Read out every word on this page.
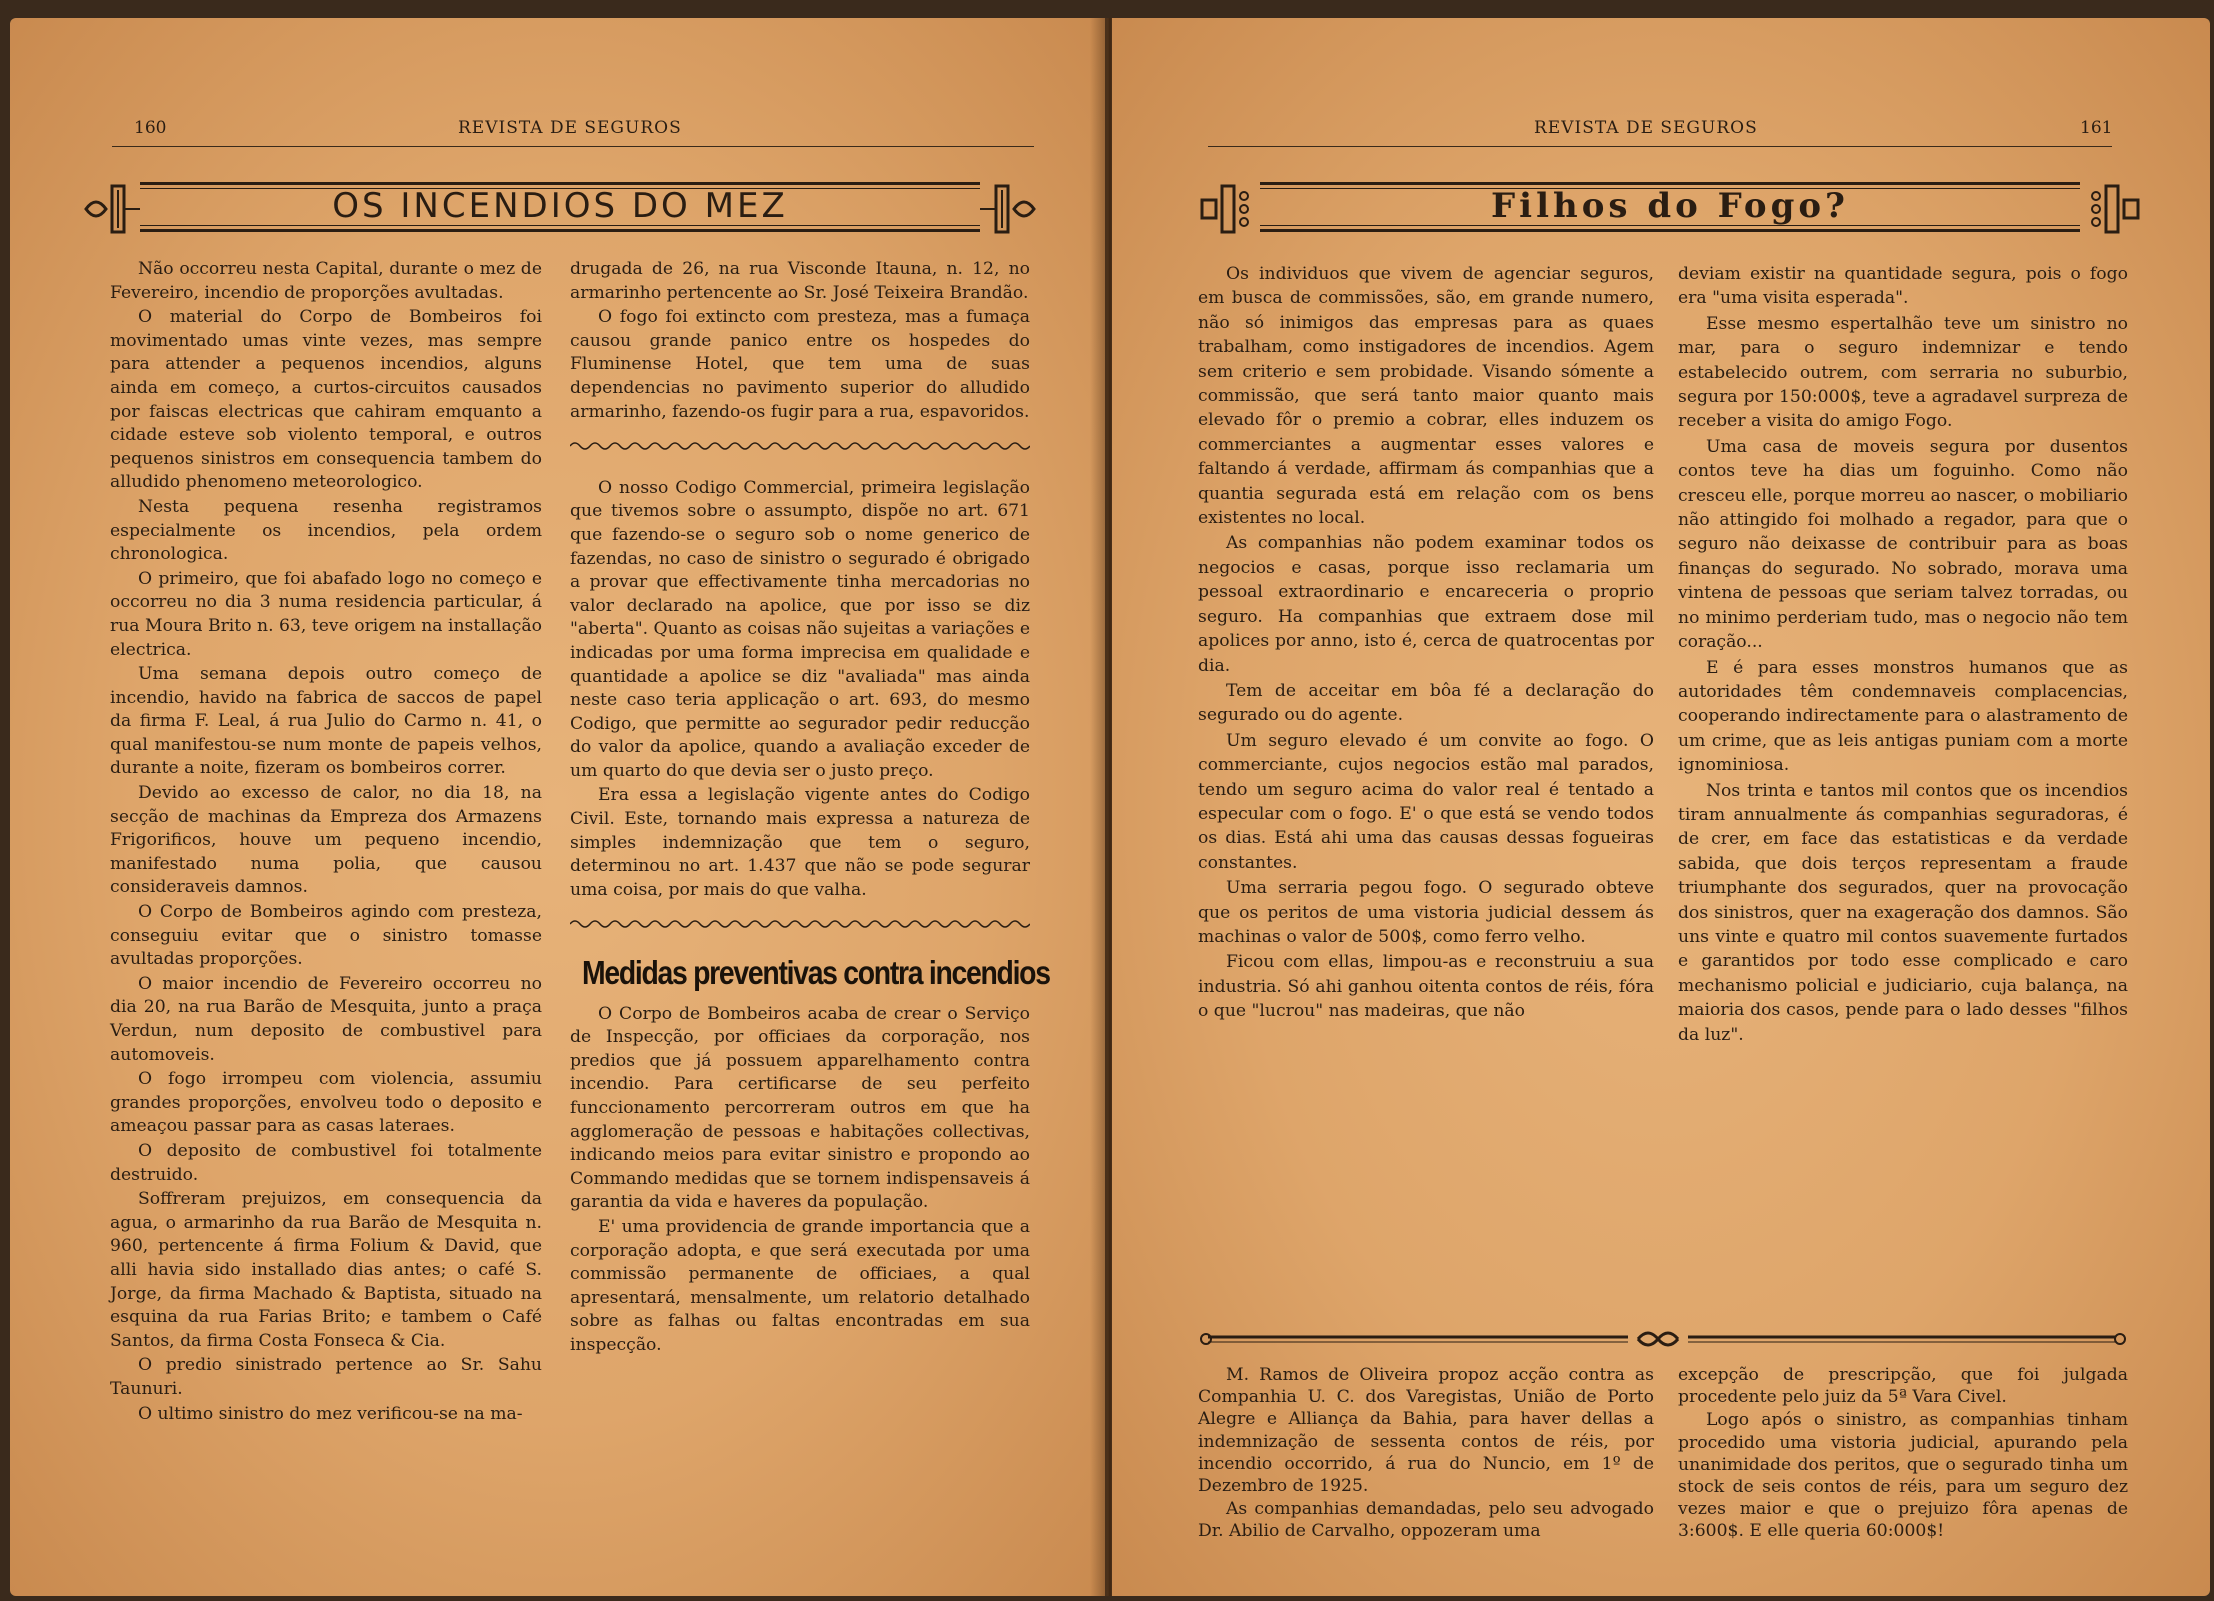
160	REVISTA DE SEGUROS
OS INCENDIOS DO MEZ

Não occorreu nesta Capital, durante o mez de Fevereiro, incendio de proporções avultadas.

O material do Corpo de Bombeiros foi movimentado umas vinte vezes, mas sempre para attender a pequenos incendios, alguns ainda em começo, a curtos-circuitos causados por faiscas electricas que cahiram emquanto a cidade esteve sob violento temporal, e outros pequenos sinistros em consequencia tambem do alludido phenomeno meteorologico.

Nesta pequena resenha registramos especialmente os incendios, pela ordem chronologica.

O primeiro, que foi abafado logo no começo e occorreu no dia 3 numa residencia particular, á rua Moura Brito n. 63, teve origem na installação electrica.

Uma semana depois outro começo de incendio, havido na fabrica de saccos de papel da firma F. Leal, á rua Julio do Carmo n. 41, o qual manifestou-se num monte de papeis velhos, durante a noite, fizeram os bombeiros correr.

Devido ao excesso de calor, no dia 18, na secção de machinas da Empreza dos Armazens Frigorificos, houve um pequeno incendio, manifestado numa polia, que causou consideraveis damnos.

O Corpo de Bombeiros agindo com presteza, conseguiu evitar que o sinistro tomasse avultadas proporções.

O maior incendio de Fevereiro occorreu no dia 20, na rua Barão de Mesquita, junto a praça Verdun, num deposito de combustivel para automoveis.

O fogo irrompeu com violencia, assumiu grandes proporções, envolveu todo o deposito e ameaçou passar para as casas lateraes.

O deposito de combustivel foi totalmente destruido.

Soffreram prejuizos, em consequencia da agua, o armarinho da rua Barão de Mesquita n. 960, pertencente á firma Folium & David, que alli havia sido installado dias antes; o café S. Jorge, da firma Machado & Baptista, situado na esquina da rua Farias Brito; e tambem o Café Santos, da firma Costa Fonseca & Cia.

O predio sinistrado pertence ao Sr. Sahu Taunuri.

O ultimo sinistro do mez verificou-se na ma-

drugada de 26, na rua Visconde Itauna, n. 12, no armarinho pertencente ao Sr. José Teixeira Brandão.

O fogo foi extincto com presteza, mas a fumaça causou grande panico entre os hospedes do Fluminense Hotel, que tem uma de suas dependencias no pavimento superior do alludido armarinho, fazendo-os fugir para a rua, espavoridos.

O nosso Codigo Commercial, primeira legislação que tivemos sobre o assumpto, dispõe no art. 671 que fazendo-se o seguro sob o nome generico de fazendas, no caso de sinistro o segurado é obrigado a provar que effectivamente tinha mercadorias no valor declarado na apolice, que por isso se diz "aberta". Quanto as coisas não sujeitas a variações e indicadas por uma forma imprecisa em qualidade e quantidade a apolice se diz "avaliada" mas ainda neste caso teria applicação o art. 693, do mesmo Codigo, que permitte ao segurador pedir reducção do valor da apolice, quando a avaliação exceder de um quarto do que devia ser o justo preço.

Era essa a legislação vigente antes do Codigo Civil. Este, tornando mais expressa a natureza de simples indemnização que tem o seguro, determinou no art. 1.437 que não se pode segurar uma coisa, por mais do que valha.

Medidas preventivas contra incendios

O Corpo de Bombeiros acaba de crear o Serviço de Inspecção, por officiaes da corporação, nos predios que já possuem apparelhamento contra incendio. Para certificarse de seu perfeito funccionamento percorreram outros em que ha agglomeração de pessoas e habitações collectivas, indicando meios para evitar sinistro e propondo ao Commando medidas que se tornem indispensaveis á garantia da vida e haveres da população.

E' uma providencia de grande importancia que a corporação adopta, e que será executada por uma commissão permanente de officiaes, a qual apresentará, mensalmente, um relatorio detalhado sobre as falhas ou faltas encontradas em sua inspecção.

REVISTA DE SEGUROS	161
Filhos do Fogo?

Os individuos que vivem de agenciar seguros, em busca de commissões, são, em grande numero, não só inimigos das empresas para as quaes trabalham, como instigadores de incendios. Agem sem criterio e sem probidade. Visando sómente a commissão, que será tanto maior quanto mais elevado fôr o premio a cobrar, elles induzem os commerciantes a augmentar esses valores e faltando á verdade, affirmam ás companhias que a quantia segurada está em relação com os bens existentes no local.

As companhias não podem examinar todos os negocios e casas, porque isso reclamaria um pessoal extraordinario e encareceria o proprio seguro. Ha companhias que extraem dose mil apolices por anno, isto é, cerca de quatrocentas por dia.

Tem de acceitar em bôa fé a declaração do segurado ou do agente.

Um seguro elevado é um convite ao fogo. O commerciante, cujos negocios estão mal parados, tendo um seguro acima do valor real é tentado a especular com o fogo. E' o que está se vendo todos os dias. Está ahi uma das causas dessas fogueiras constantes.

Uma serraria pegou fogo. O segurado obteve que os peritos de uma vistoria judicial dessem ás machinas o valor de 500$, como ferro velho.

Ficou com ellas, limpou-as e reconstruiu a sua industria. Só ahi ganhou oitenta contos de réis, fóra o que "lucrou" nas madeiras, que não

deviam existir na quantidade segura, pois o fogo era "uma visita esperada".

Esse mesmo espertalhão teve um sinistro no mar, para o seguro indemnizar e tendo estabelecido outrem, com serraria no suburbio, segura por 150:000$, teve a agradavel surpreza de receber a visita do amigo Fogo.

Uma casa de moveis segura por dusentos contos teve ha dias um foguinho. Como não cresceu elle, porque morreu ao nascer, o mobiliario não attingido foi molhado a regador, para que o seguro não deixasse de contribuir para as boas finanças do segurado. No sobrado, morava uma vintena de pessoas que seriam talvez torradas, ou no minimo perderiam tudo, mas o negocio não tem coração...

E é para esses monstros humanos que as autoridades têm condemnaveis complacencias, cooperando indirectamente para o alastramento de um crime, que as leis antigas puniam com a morte ignominiosa.

Nos trinta e tantos mil contos que os incendios tiram annualmente ás companhias seguradoras, é de crer, em face das estatisticas e da verdade sabida, que dois terços representam a fraude triumphante dos segurados, quer na provocação dos sinistros, quer na exageração dos damnos. São uns vinte e quatro mil contos suavemente furtados e garantidos por todo esse complicado e caro mechanismo policial e judiciario, cuja balança, na maioria dos casos, pende para o lado desses "filhos da luz".

M. Ramos de Oliveira propoz acção contra as Companhia U. C. dos Varegistas, União de Porto Alegre e Alliança da Bahia, para haver dellas a indemnização de sessenta contos de réis, por incendio occorrido, á rua do Nuncio, em 1º de Dezembro de 1925.

As companhias demandadas, pelo seu advogado Dr. Abilio de Carvalho, oppozeram uma

excepção de prescripção, que foi julgada procedente pelo juiz da 5ª Vara Civel.

Logo após o sinistro, as companhias tinham procedido uma vistoria judicial, apurando pela unanimidade dos peritos, que o segurado tinha um stock de seis contos de réis, para um seguro dez vezes maior e que o prejuizo fôra apenas de 3:600$. E elle queria 60:000$!
